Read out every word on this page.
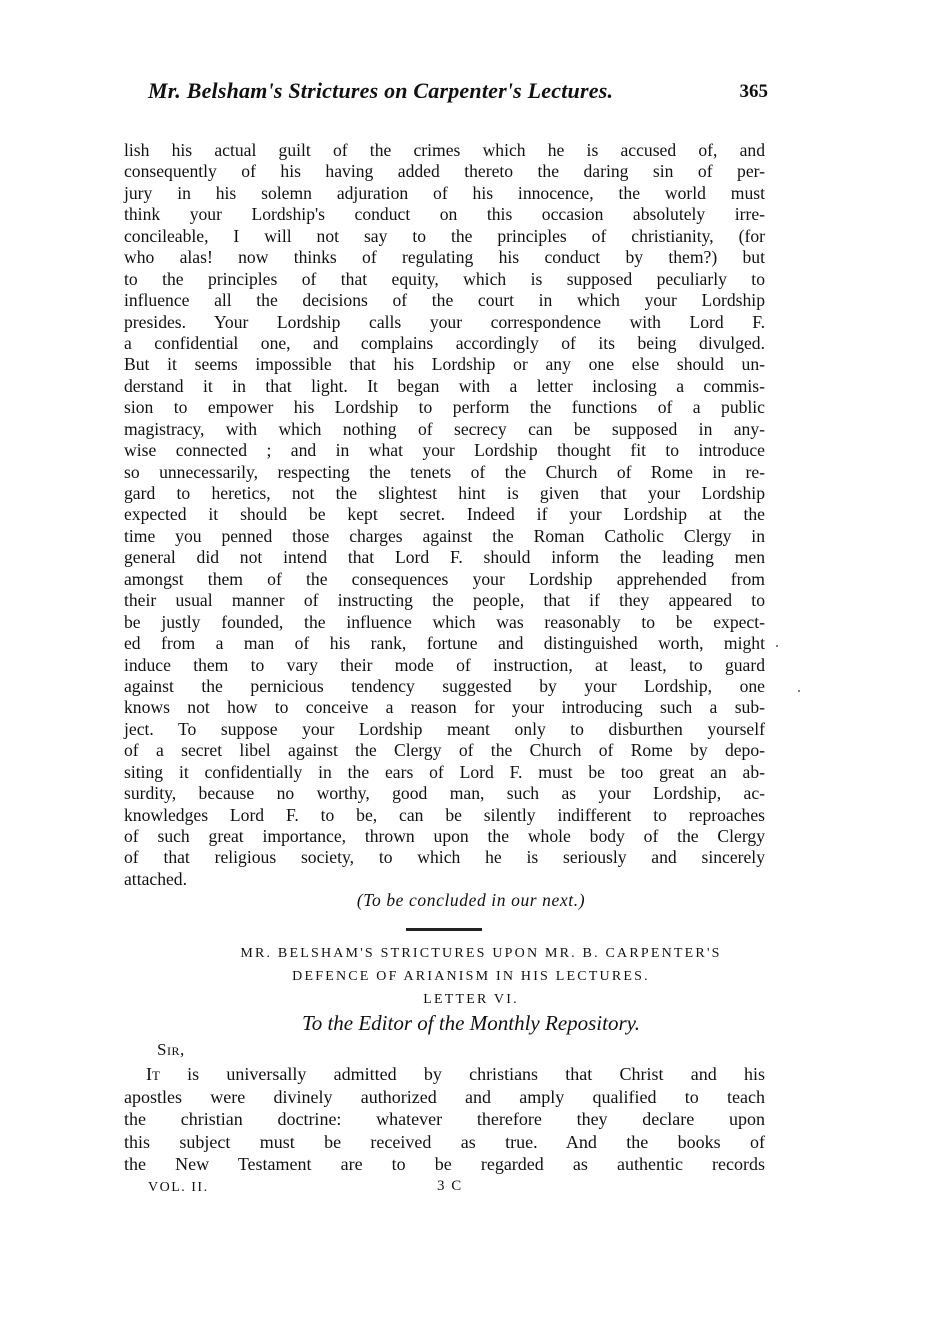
Mr. Belsham's Strictures on Carpenter's Lectures.	365
lish his actual guilt of the crimes which he is accused of, and
consequently of his having added thereto the daring sin of per-
jury in his solemn adjuration of his innocence, the world must
think your Lordship's conduct on this occasion absolutely irre-
concileable, I will not say to the principles of christianity, (for
who alas! now thinks of regulating his conduct by them?) but
to the principles of that equity, which is supposed peculiarly to
influence all the decisions of the court in which your Lordship
presides. Your Lordship calls your correspondence with Lord F.
a confidential one, and complains accordingly of its being divulged.
But it seems impossible that his Lordship or any one else should un-
derstand it in that light. It began with a letter inclosing a commis-
sion to empower his Lordship to perform the functions of a public
magistracy, with which nothing of secrecy can be supposed in any-
wise connected ; and in what your Lordship thought fit to introduce
so unnecessarily, respecting the tenets of the Church of Rome in re-
gard to heretics, not the slightest hint is given that your Lordship
expected it should be kept secret. Indeed if your Lordship at the
time you penned those charges against the Roman Catholic Clergy in
general did not intend that Lord F. should inform the leading men
amongst them of the consequences your Lordship apprehended from
their usual manner of instructing the people, that if they appeared to
be justly founded, the influence which was reasonably to be expect-
ed from a man of his rank, fortune and distinguished worth, might
induce them to vary their mode of instruction, at least, to guard
against the pernicious tendency suggested by your Lordship, one
knows not how to conceive a reason for your introducing such a sub-
ject. To suppose your Lordship meant only to disburthen yourself
of a secret libel against the Clergy of the Church of Rome by depo-
siting it confidentially in the ears of Lord F. must be too great an ab-
surdity, because no worthy, good man, such as your Lordship, ac-
knowledges Lord F. to be, can be silently indifferent to reproaches
of such great importance, thrown upon the whole body of the Clergy
of that religious society, to which he is seriously and sincerely
attached.
(To be concluded in our next.)
MR. BELSHAM'S STRICTURES UPON MR. B. CARPENTER'S
DEFENCE OF ARIANISM IN HIS LECTURES.
LETTER VI.
To the Editor of the Monthly Repository.
Sir,
It is universally admitted by christians that Christ and his
apostles were divinely authorized and amply qualified to teach
the christian doctrine: whatever therefore they declare upon
this subject must be received as true. And the books of
the New Testament are to be regarded as authentic records
VOL. II.	3 C
